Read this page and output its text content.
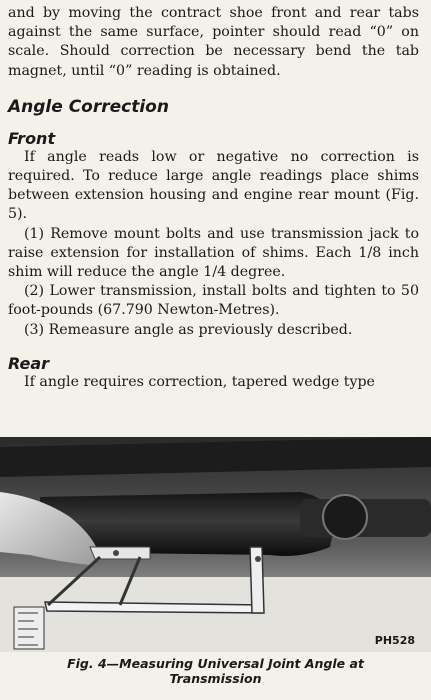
and by moving the contract shoe front and rear tabs against the same surface, pointer should read “0” on scale. Should correction be necessary bend the tab magnet, until “0” reading is obtained.

Angle Correction
Front

If angle reads low or negative no correction is required. To reduce large angle readings place shims between extension housing and engine rear mount (Fig. 5).

(1) Remove mount bolts and use transmission jack to raise extension for installation of shims. Each 1/8 inch shim will reduce the angle 1/4 degree.

(2) Lower transmission, install bolts and tighten to 50 foot-pounds (67.790 Newton-Metres).

(3) Remeasure angle as previously described.

Rear

If angle requires correction, tapered wedge type

PH528
Fig. 4—Measuring Universal Joint Angle at
Transmission
